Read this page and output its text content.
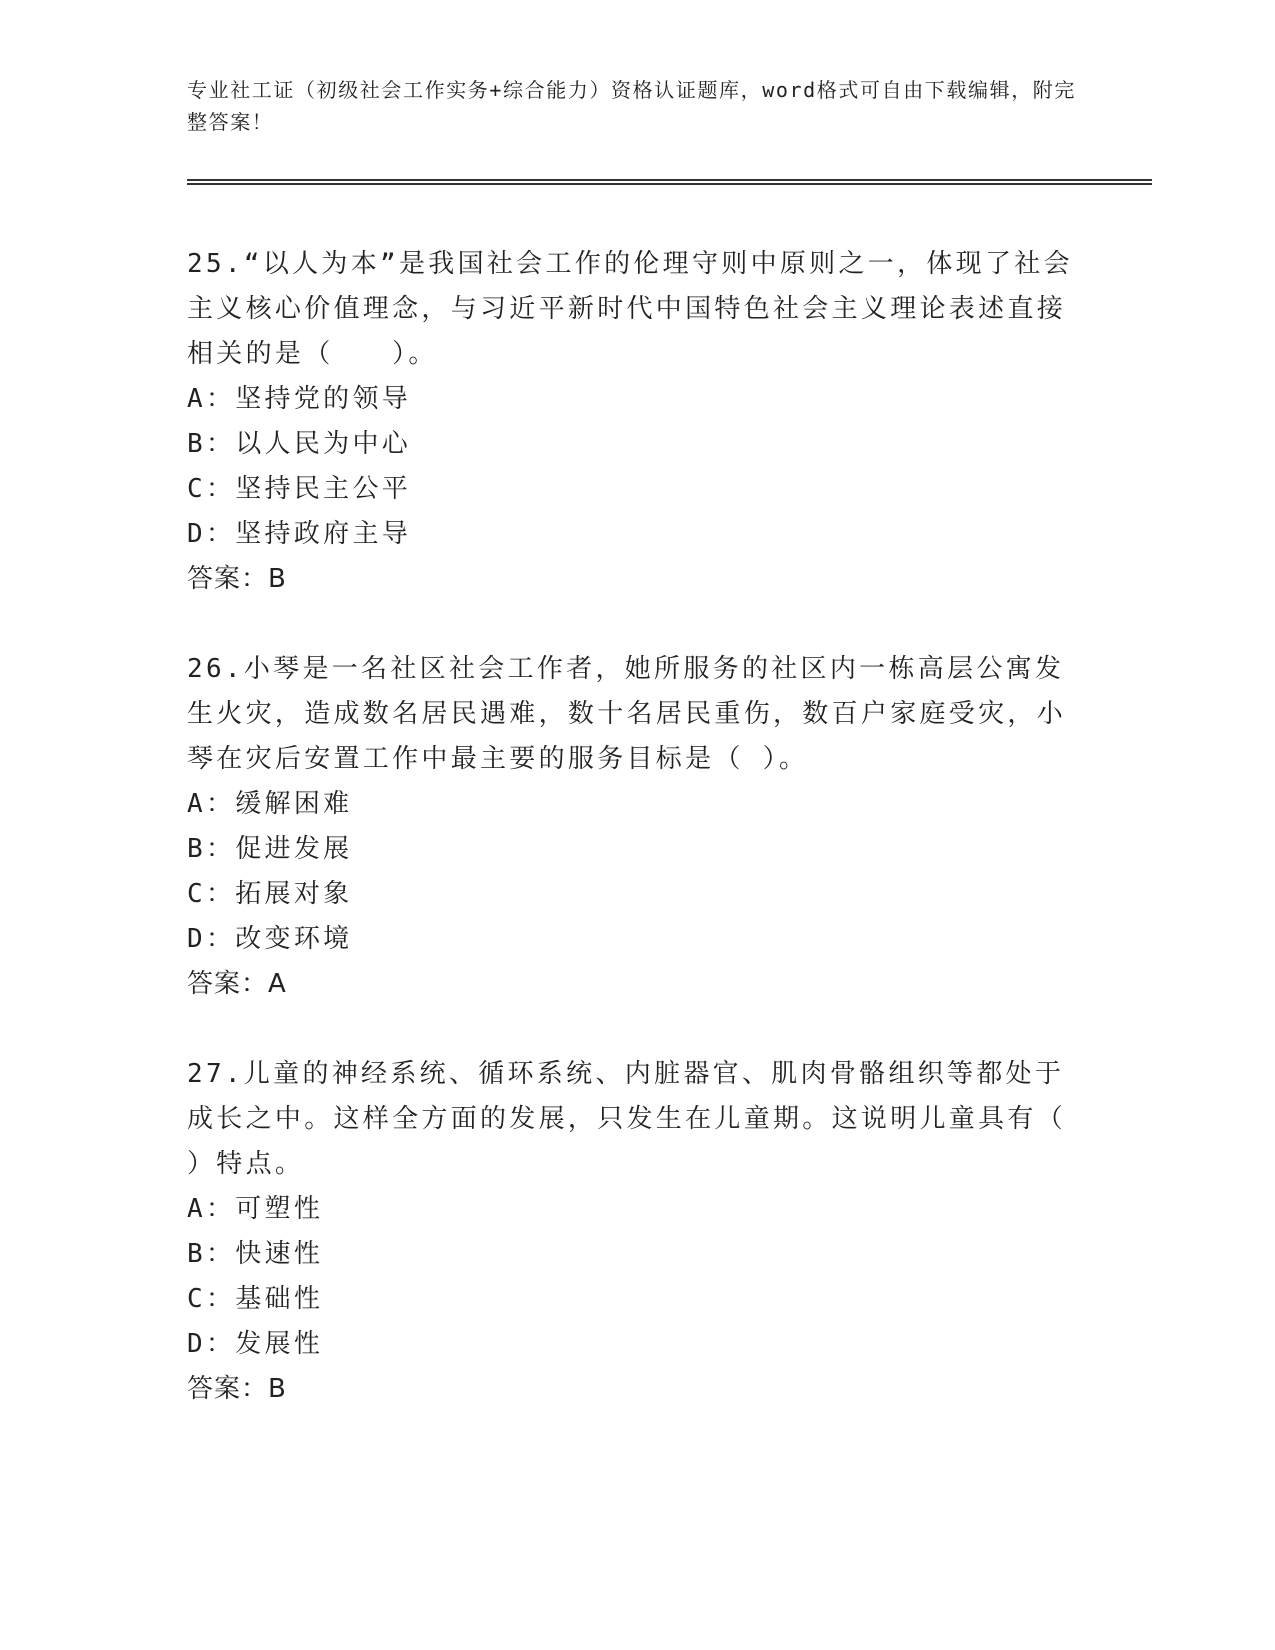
专业社工证（初级社会工作实务+综合能力）资格认证题库，word格式可自由下载编辑，附完整答案！
25.“以人为本”是我国社会工作的伦理守则中原则之一，体现了社会主义核心价值理念，与习近平新时代中国特色社会主义理论表述直接相关的是（　　）。
A：坚持党的领导
B：以人民为中心
C：坚持民主公平
D：坚持政府主导
答案：B
26.小琴是一名社区社会工作者，她所服务的社区内一栋高层公寓发生火灾，造成数名居民遇难，数十名居民重伤，数百户家庭受灾，小琴在灾后安置工作中最主要的服务目标是（ ）。
A：缓解困难
B：促进发展
C：拓展对象
D：改变环境
答案：A
27.儿童的神经系统、循环系统、内脏器官、肌肉骨骼组织等都处于成长之中。这样全方面的发展，只发生在儿童期。这说明儿童具有（ ）特点。
A：可塑性
B：快速性
C：基础性
D：发展性
答案：B
